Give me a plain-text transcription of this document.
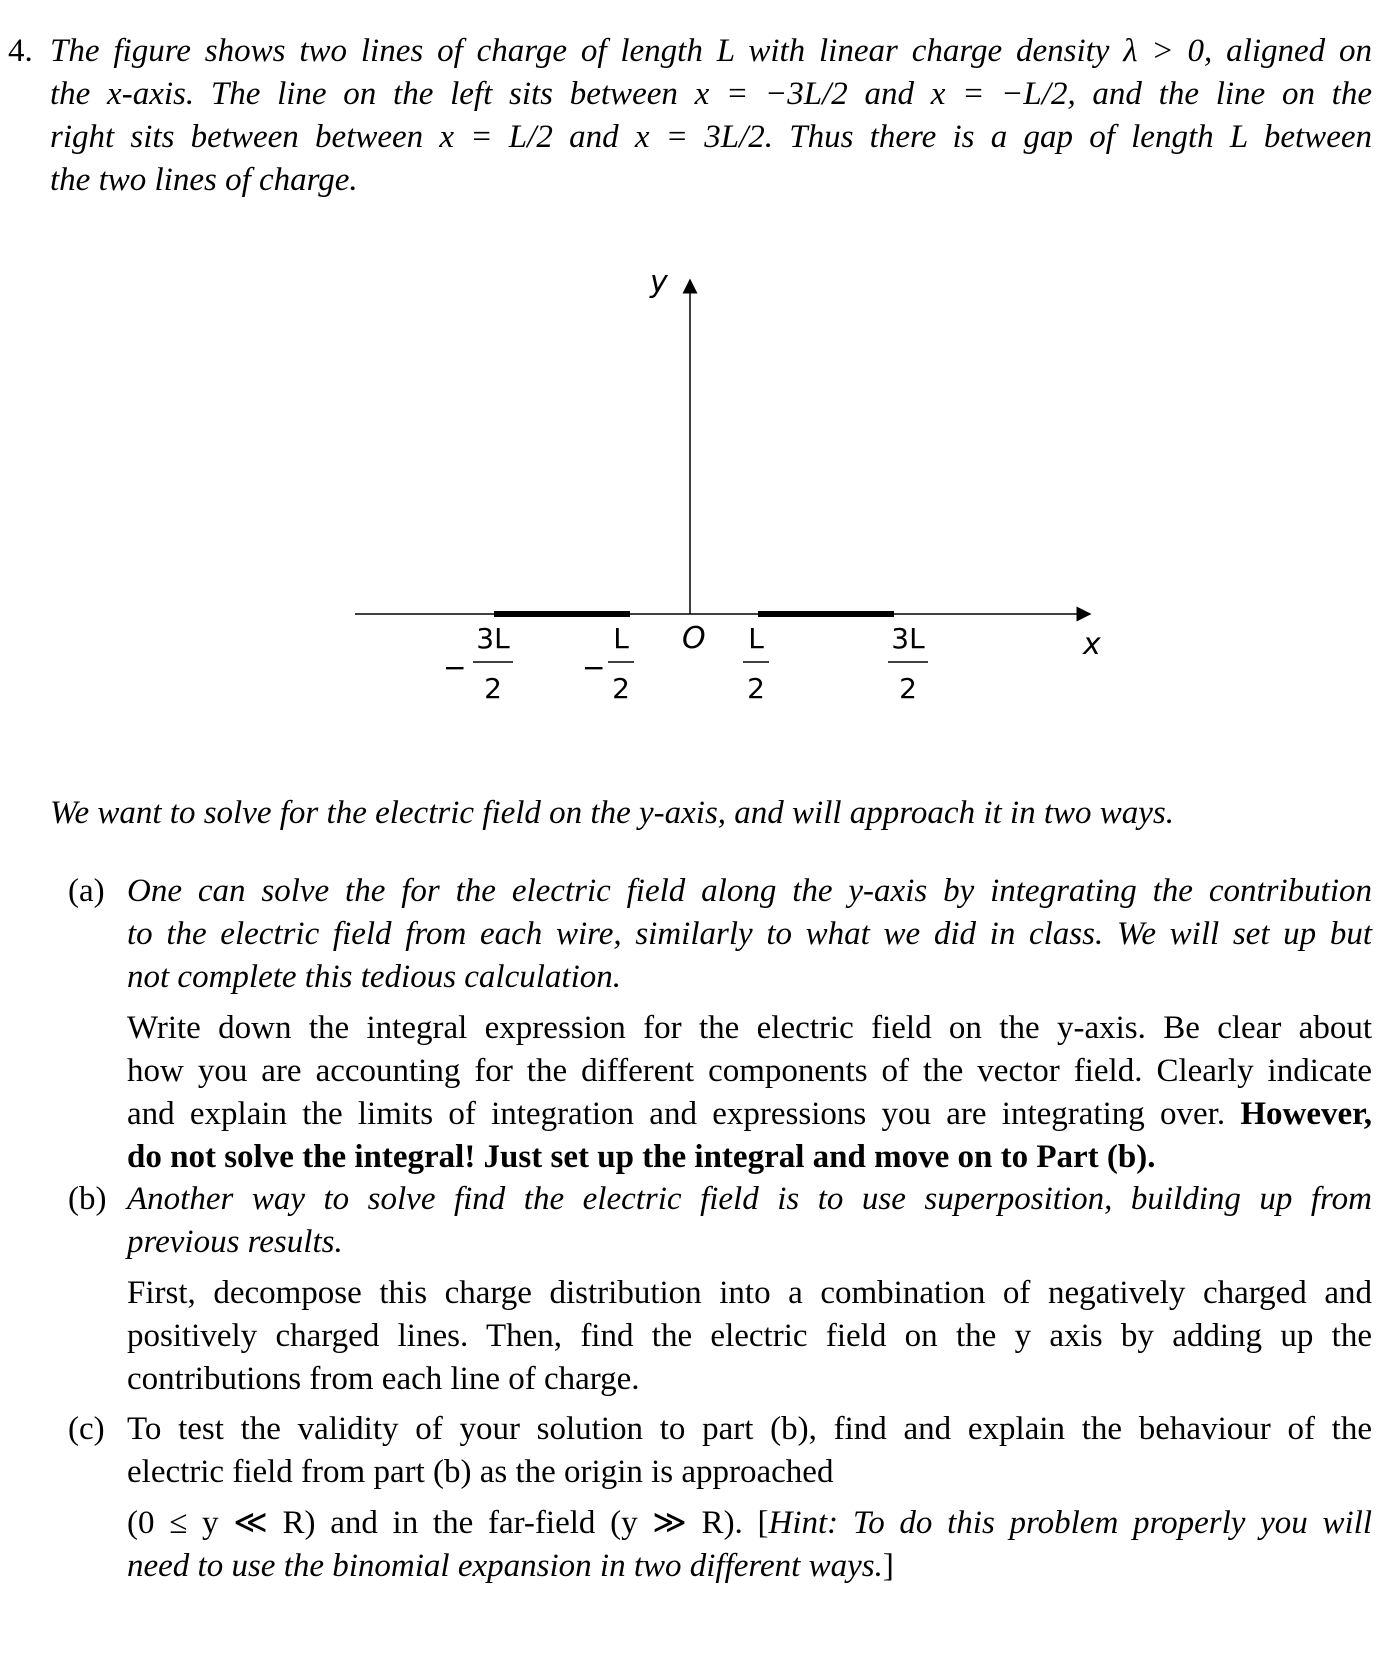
4. The figure shows two lines of charge of length L with linear charge density λ > 0, aligned on
the x-axis. The line on the left sits between x = −3L/2 and x = −L/2, and the line on the
right sits between between x = L/2 and x = 3L/2. Thus there is a gap of length L between
the two lines of charge.
y
x
O
−
3L
2
−
L
2
L
2
3L
2
We want to solve for the electric field on the y-axis, and will approach it in two ways.
(a) One can solve the for the electric field along the y-axis by integrating the contribution
to the electric field from each wire, similarly to what we did in class. We will set up but
not complete this tedious calculation.
Write down the integral expression for the electric field on the y-axis. Be clear about
how you are accounting for the different components of the vector field. Clearly indicate
and explain the limits of integration and expressions you are integrating over. However,
do not solve the integral! Just set up the integral and move on to Part (b).
(b) Another way to solve find the electric field is to use superposition, building up from
previous results.
First, decompose this charge distribution into a combination of negatively charged and
positively charged lines. Then, find the electric field on the y axis by adding up the
contributions from each line of charge.
(c) To test the validity of your solution to part (b), find and explain the behaviour of the
electric field from part (b) as the origin is approached
(0 ≤ y ≪ R) and in the far-field (y ≫ R). [Hint: To do this problem properly you will
need to use the binomial expansion in two different ways.]
